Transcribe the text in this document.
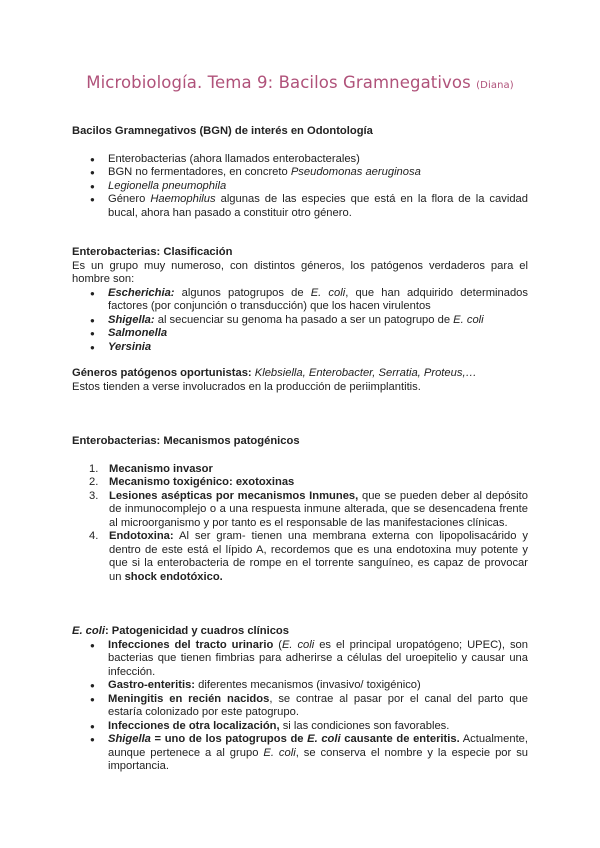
Microbiología. Tema 9: Bacilos Gramnegativos (Diana)
Bacilos Gramnegativos (BGN) de interés en Odontología
● Enterobacterias (ahora llamados enterobacterales)
● BGN no fermentadores, en concreto Pseudomonas aeruginosa
● Legionella pneumophila
● Género Haemophilus algunas de las especies que está en la flora de la cavidad bucal, ahora han pasado a constituir otro género.
Enterobacterias: Clasificación
Es un grupo muy numeroso, con distintos géneros, los patógenos verdaderos para el hombre son:
● Escherichia: algunos patogrupos de E. coli, que han adquirido determinados factores (por conjunción o transducción) que los hacen virulentos
● Shigella: al secuenciar su genoma ha pasado a ser un patogrupo de E. coli
● Salmonella
● Yersinia
Géneros patógenos oportunistas: Klebsiella, Enterobacter, Serratia, Proteus,…
Estos tienden a verse involucrados en la producción de periimplantitis.
Enterobacterias: Mecanismos patogénicos
1. Mecanismo invasor
2. Mecanismo toxigénico: exotoxinas
3. Lesiones asépticas por mecanismos Inmunes, que se pueden deber al depósito de inmunocomplejo o a una respuesta inmune alterada, que se desencadena frente al microorganismo y por tanto es el responsable de las manifestaciones clínicas.
4. Endotoxina: Al ser gram- tienen una membrana externa con lipopolisacárido y dentro de este está el lípido A, recordemos que es una endotoxina muy potente y que si la enterobacteria de rompe en el torrente sanguíneo, es capaz de provocar un shock endotóxico.
E. coli: Patogenicidad y cuadros clínicos
● Infecciones del tracto urinario (E. coli es el principal uropatógeno; UPEC), son bacterias que tienen fimbrias para adherirse a células del uroepitelio y causar una infección.
● Gastro-enteritis: diferentes mecanismos (invasivo/ toxigénico)
● Meningitis en recién nacidos, se contrae al pasar por el canal del parto que estaría colonizado por este patogrupo.
● Infecciones de otra localización, si las condiciones son favorables.
● Shigella = uno de los patogrupos de E. coli causante de enteritis. Actualmente, aunque pertenece a al grupo E. coli, se conserva el nombre y la especie por su importancia.
